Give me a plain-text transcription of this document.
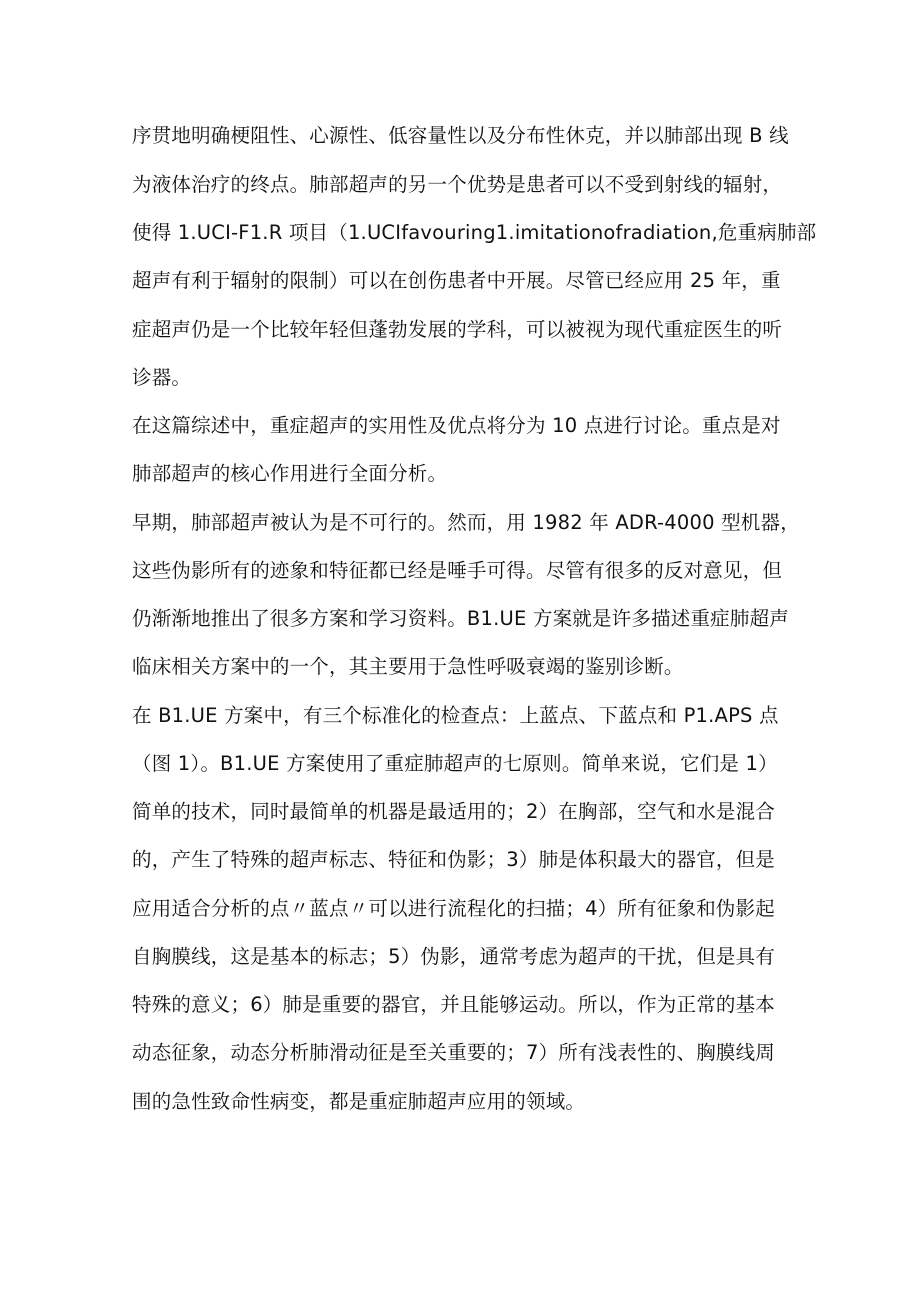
序贯地明确梗阻性、心源性、低容量性以及分布性休克，并以肺部出现 B 线
为液体治疗的终点。肺部超声的另一个优势是患者可以不受到射线的辐射，
使得 1.UCI-F1.R 项目（1.UCIfavouring1.imitationofradiation,危重病肺部
超声有利于辐射的限制）可以在创伤患者中开展。尽管已经应用 25 年，重
症超声仍是一个比较年轻但蓬勃发展的学科，可以被视为现代重症医生的听
诊器。
在这篇综述中，重症超声的实用性及优点将分为 10 点进行讨论。重点是对
肺部超声的核心作用进行全面分析。
早期，肺部超声被认为是不可行的。然而，用 1982 年 ADR-4000 型机器，
这些伪影所有的迹象和特征都已经是唾手可得。尽管有很多的反对意见，但
仍渐渐地推出了很多方案和学习资料。B1.UE 方案就是许多描述重症肺超声
临床相关方案中的一个，其主要用于急性呼吸衰竭的鉴别诊断。
在 B1.UE 方案中，有三个标准化的检查点：上蓝点、下蓝点和 P1.APS 点
（图 1）。B1.UE 方案使用了重症肺超声的七原则。简单来说，它们是 1）
简单的技术，同时最简单的机器是最适用的；2）在胸部，空气和水是混合
的，产生了特殊的超声标志、特征和伪影；3）肺是体积最大的器官，但是
应用适合分析的点〃蓝点〃可以进行流程化的扫描；4）所有征象和伪影起
自胸膜线，这是基本的标志；5）伪影，通常考虑为超声的干扰，但是具有
特殊的意义；6）肺是重要的器官，并且能够运动。所以，作为正常的基本
动态征象，动态分析肺滑动征是至关重要的；7）所有浅表性的、胸膜线周
围的急性致命性病变，都是重症肺超声应用的领域。
